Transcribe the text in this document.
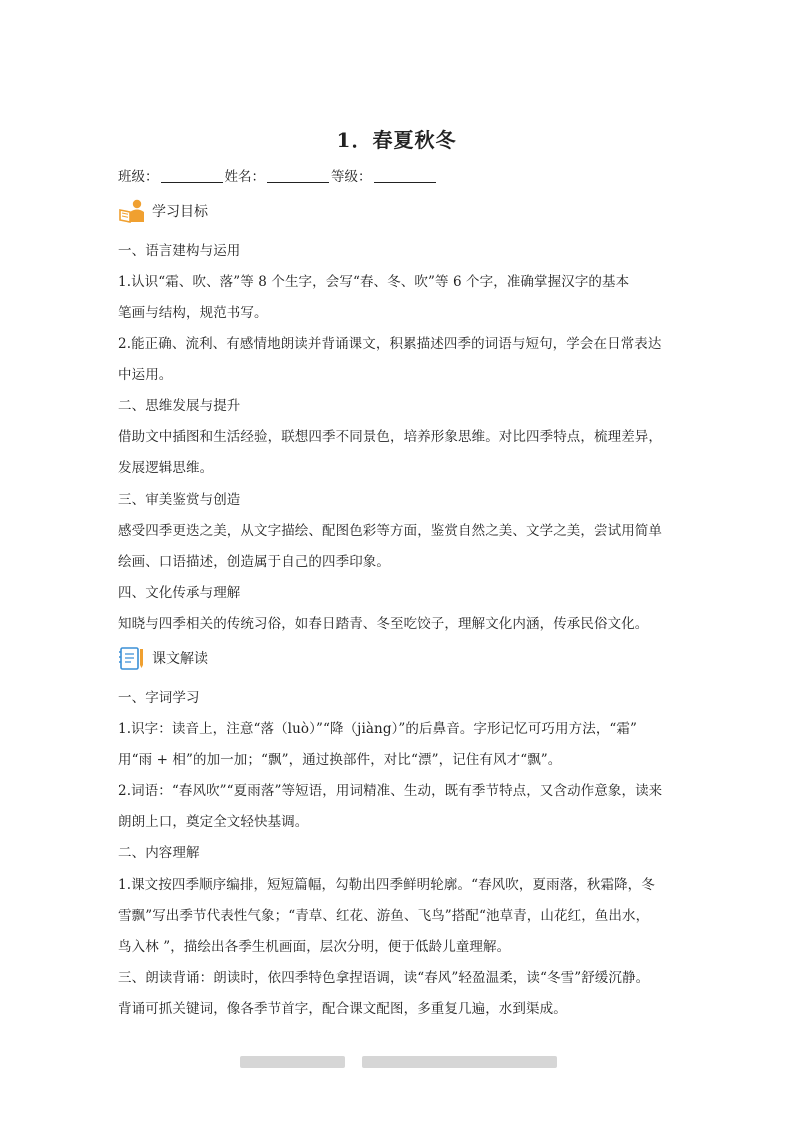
1．春夏秋冬
班级：	姓名：	等级：
学习目标
一、语言建构与运用
1.认识“霜、吹、落”等 8 个生字，会写“春、冬、吹”等 6 个字，准确掌握汉字的基本
笔画与结构，规范书写。
2.能正确、流利、有感情地朗读并背诵课文，积累描述四季的词语与短句，学会在日常表达
中运用。
二、思维发展与提升
借助文中插图和生活经验，联想四季不同景色，培养形象思维。对比四季特点，梳理差异，
发展逻辑思维。
三、审美鉴赏与创造
感受四季更迭之美，从文字描绘、配图色彩等方面，鉴赏自然之美、文学之美，尝试用简单
绘画、口语描述，创造属于自己的四季印象。
四、文化传承与理解
知晓与四季相关的传统习俗，如春日踏青、冬至吃饺子，理解文化内涵，传承民俗文化。
课文解读
一、字词学习
1.识字：读音上，注意“落（luò）”“降（jiàng）”的后鼻音。字形记忆可巧用方法，“霜”
用“雨 + 相”的加一加；“飘”，通过换部件，对比“漂”，记住有风才“飘”。
2.词语：“春风吹”“夏雨落”等短语，用词精准、生动，既有季节特点，又含动作意象，读来
朗朗上口，奠定全文轻快基调。
二、内容理解
1.课文按四季顺序编排，短短篇幅，勾勒出四季鲜明轮廓。“春风吹，夏雨落，秋霜降，冬
雪飘”写出季节代表性气象；“青草、红花、游鱼、飞鸟”搭配“池草青，山花红，鱼出水，
鸟入林 ”，描绘出各季生机画面，层次分明，便于低龄儿童理解。
三、朗读背诵：朗读时，依四季特色拿捏语调，读“春风”轻盈温柔，读“冬雪”舒缓沉静。
背诵可抓关键词，像各季节首字，配合课文配图，多重复几遍，水到渠成。
